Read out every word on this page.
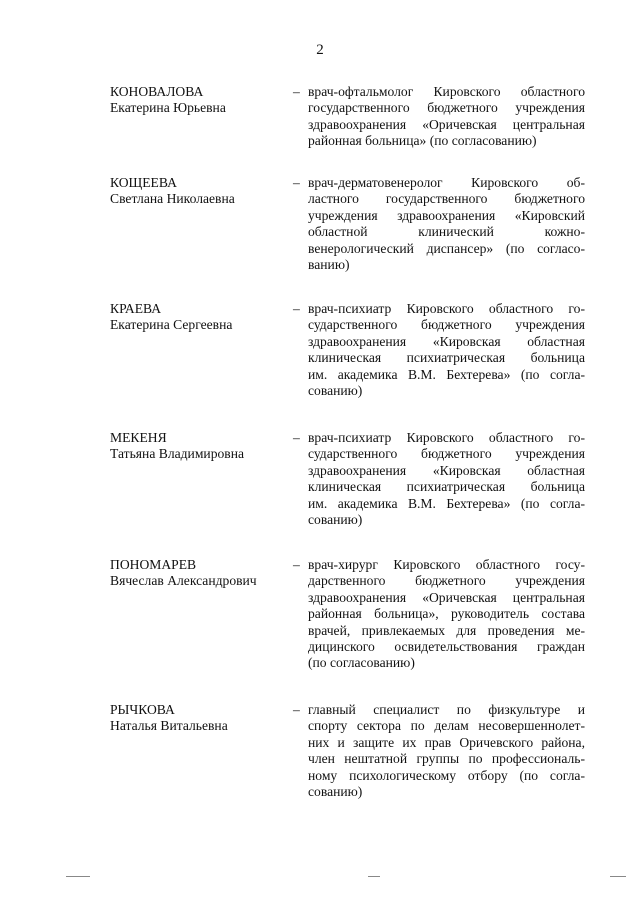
2
КОНОВАЛОВА
Екатерина Юрьевна
– врач-офтальмолог Кировского областного
государственного бюджетного учреждения
здравоохранения «Оричевская центральная
районная больница» (по согласованию)
КОЩЕЕВА
Светлана Николаевна
– врач-дерматовенеролог Кировского об-
ластного государственного бюджетного
учреждения здравоохранения «Кировский
областной клинический кожно-
венерологический диспансер» (по согласо-
ванию)
КРАЕВА
Екатерина Сергеевна
– врач-психиатр Кировского областного го-
сударственного бюджетного учреждения
здравоохранения «Кировская областная
клиническая психиатрическая больница
им. академика В.М. Бехтерева» (по согла-
сованию)
МЕКЕНЯ
Татьяна Владимировна
– врач-психиатр Кировского областного го-
сударственного бюджетного учреждения
здравоохранения «Кировская областная
клиническая психиатрическая больница
им. академика В.М. Бехтерева» (по согла-
сованию)
ПОНОМАРЕВ
Вячеслав Александрович
– врач-хирург Кировского областного госу-
дарственного бюджетного учреждения
здравоохранения «Оричевская центральная
районная больница», руководитель состава
врачей, привлекаемых для проведения ме-
дицинского освидетельствования граждан
(по согласованию)
РЫЧКОВА
Наталья Витальевна
– главный специалист по физкультуре и
спорту сектора по делам несовершеннолет-
них и защите их прав Оричевского района,
член нештатной группы по профессиональ-
ному психологическому отбору (по согла-
сованию)
